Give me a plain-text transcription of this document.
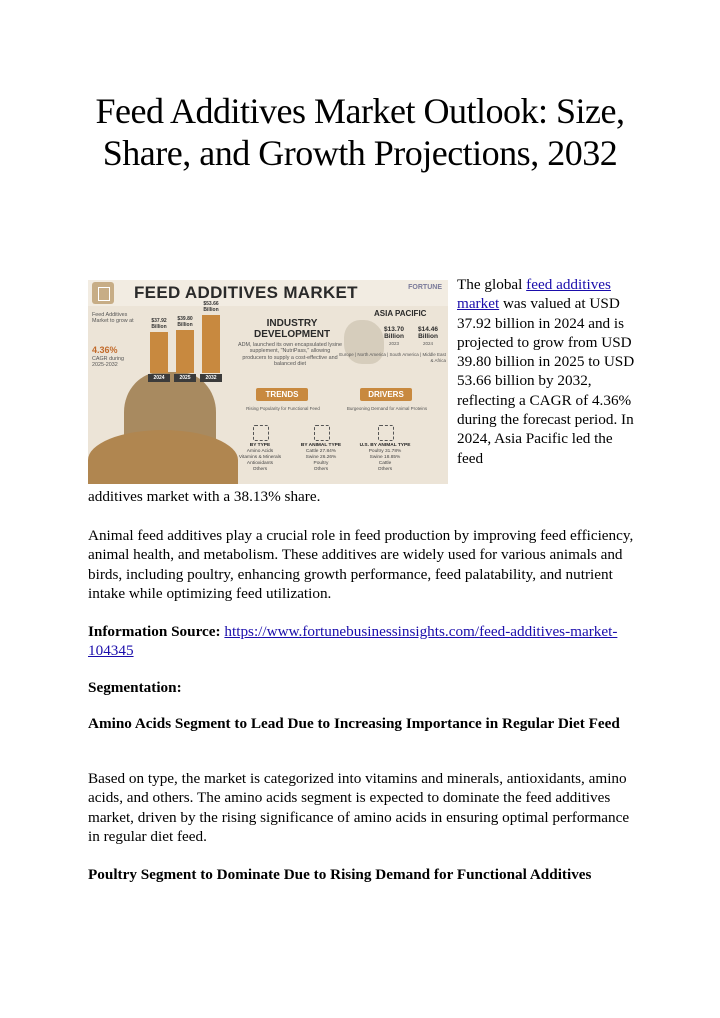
Feed Additives Market Outlook: Size, Share, and Growth Projections, 2032
FEED ADDITIVES MARKET	FORTUNE
Feed Additives Market to grow at
4.36%
CAGR during 2025-2032
2024
$37.92 Billion
2025
$39.80 Billion
2032
$53.66 Billion
INDUSTRY DEVELOPMENT
ADM, launched its own encapsulated lysine supplement, "NutriPass," allowing producers to supply a cost-effective and balanced diet
ASIA PACIFIC
$13.70 Billion
2023
$14.46 Billion
2024
Europe | North America | South America | Middle East & Africa
TRENDS
Rising Popularity for Functional Feed
DRIVERS
Burgeoning Demand for Animal Proteins
BY TYPE
Amino Acids
Vitamins & Minerals
Antioxidants
Others
BY ANIMAL TYPE
Cattle 27.84%
Swine 26.26%
Poultry
Others
U.S. BY ANIMAL TYPE
Poultry 31.78%
Swine 18.85%
Cattle
Others
The global feed additives market was valued at USD 37.92 billion in 2024 and is projected to grow from USD 39.80 billion in 2025 to USD 53.66 billion by 2032, reflecting a CAGR of 4.36% during the forecast period. In 2024, Asia Pacific led the feed
additives market with a 38.13% share.
Animal feed additives play a crucial role in feed production by improving feed efficiency, animal health, and metabolism. These additives are widely used for various animals and birds, including poultry, enhancing growth performance, feed palatability, and nutrient intake while optimizing feed utilization.
Information Source: https://www.fortunebusinessinsights.com/feed-additives-market-104345
Segmentation:
Amino Acids Segment to Lead Due to Increasing Importance in Regular Diet Feed
Based on type, the market is categorized into vitamins and minerals, antioxidants, amino acids, and others. The amino acids segment is expected to dominate the feed additives market, driven by the rising significance of amino acids in ensuring optimal performance in regular diet feed.
Poultry Segment to Dominate Due to Rising Demand for Functional Additives
